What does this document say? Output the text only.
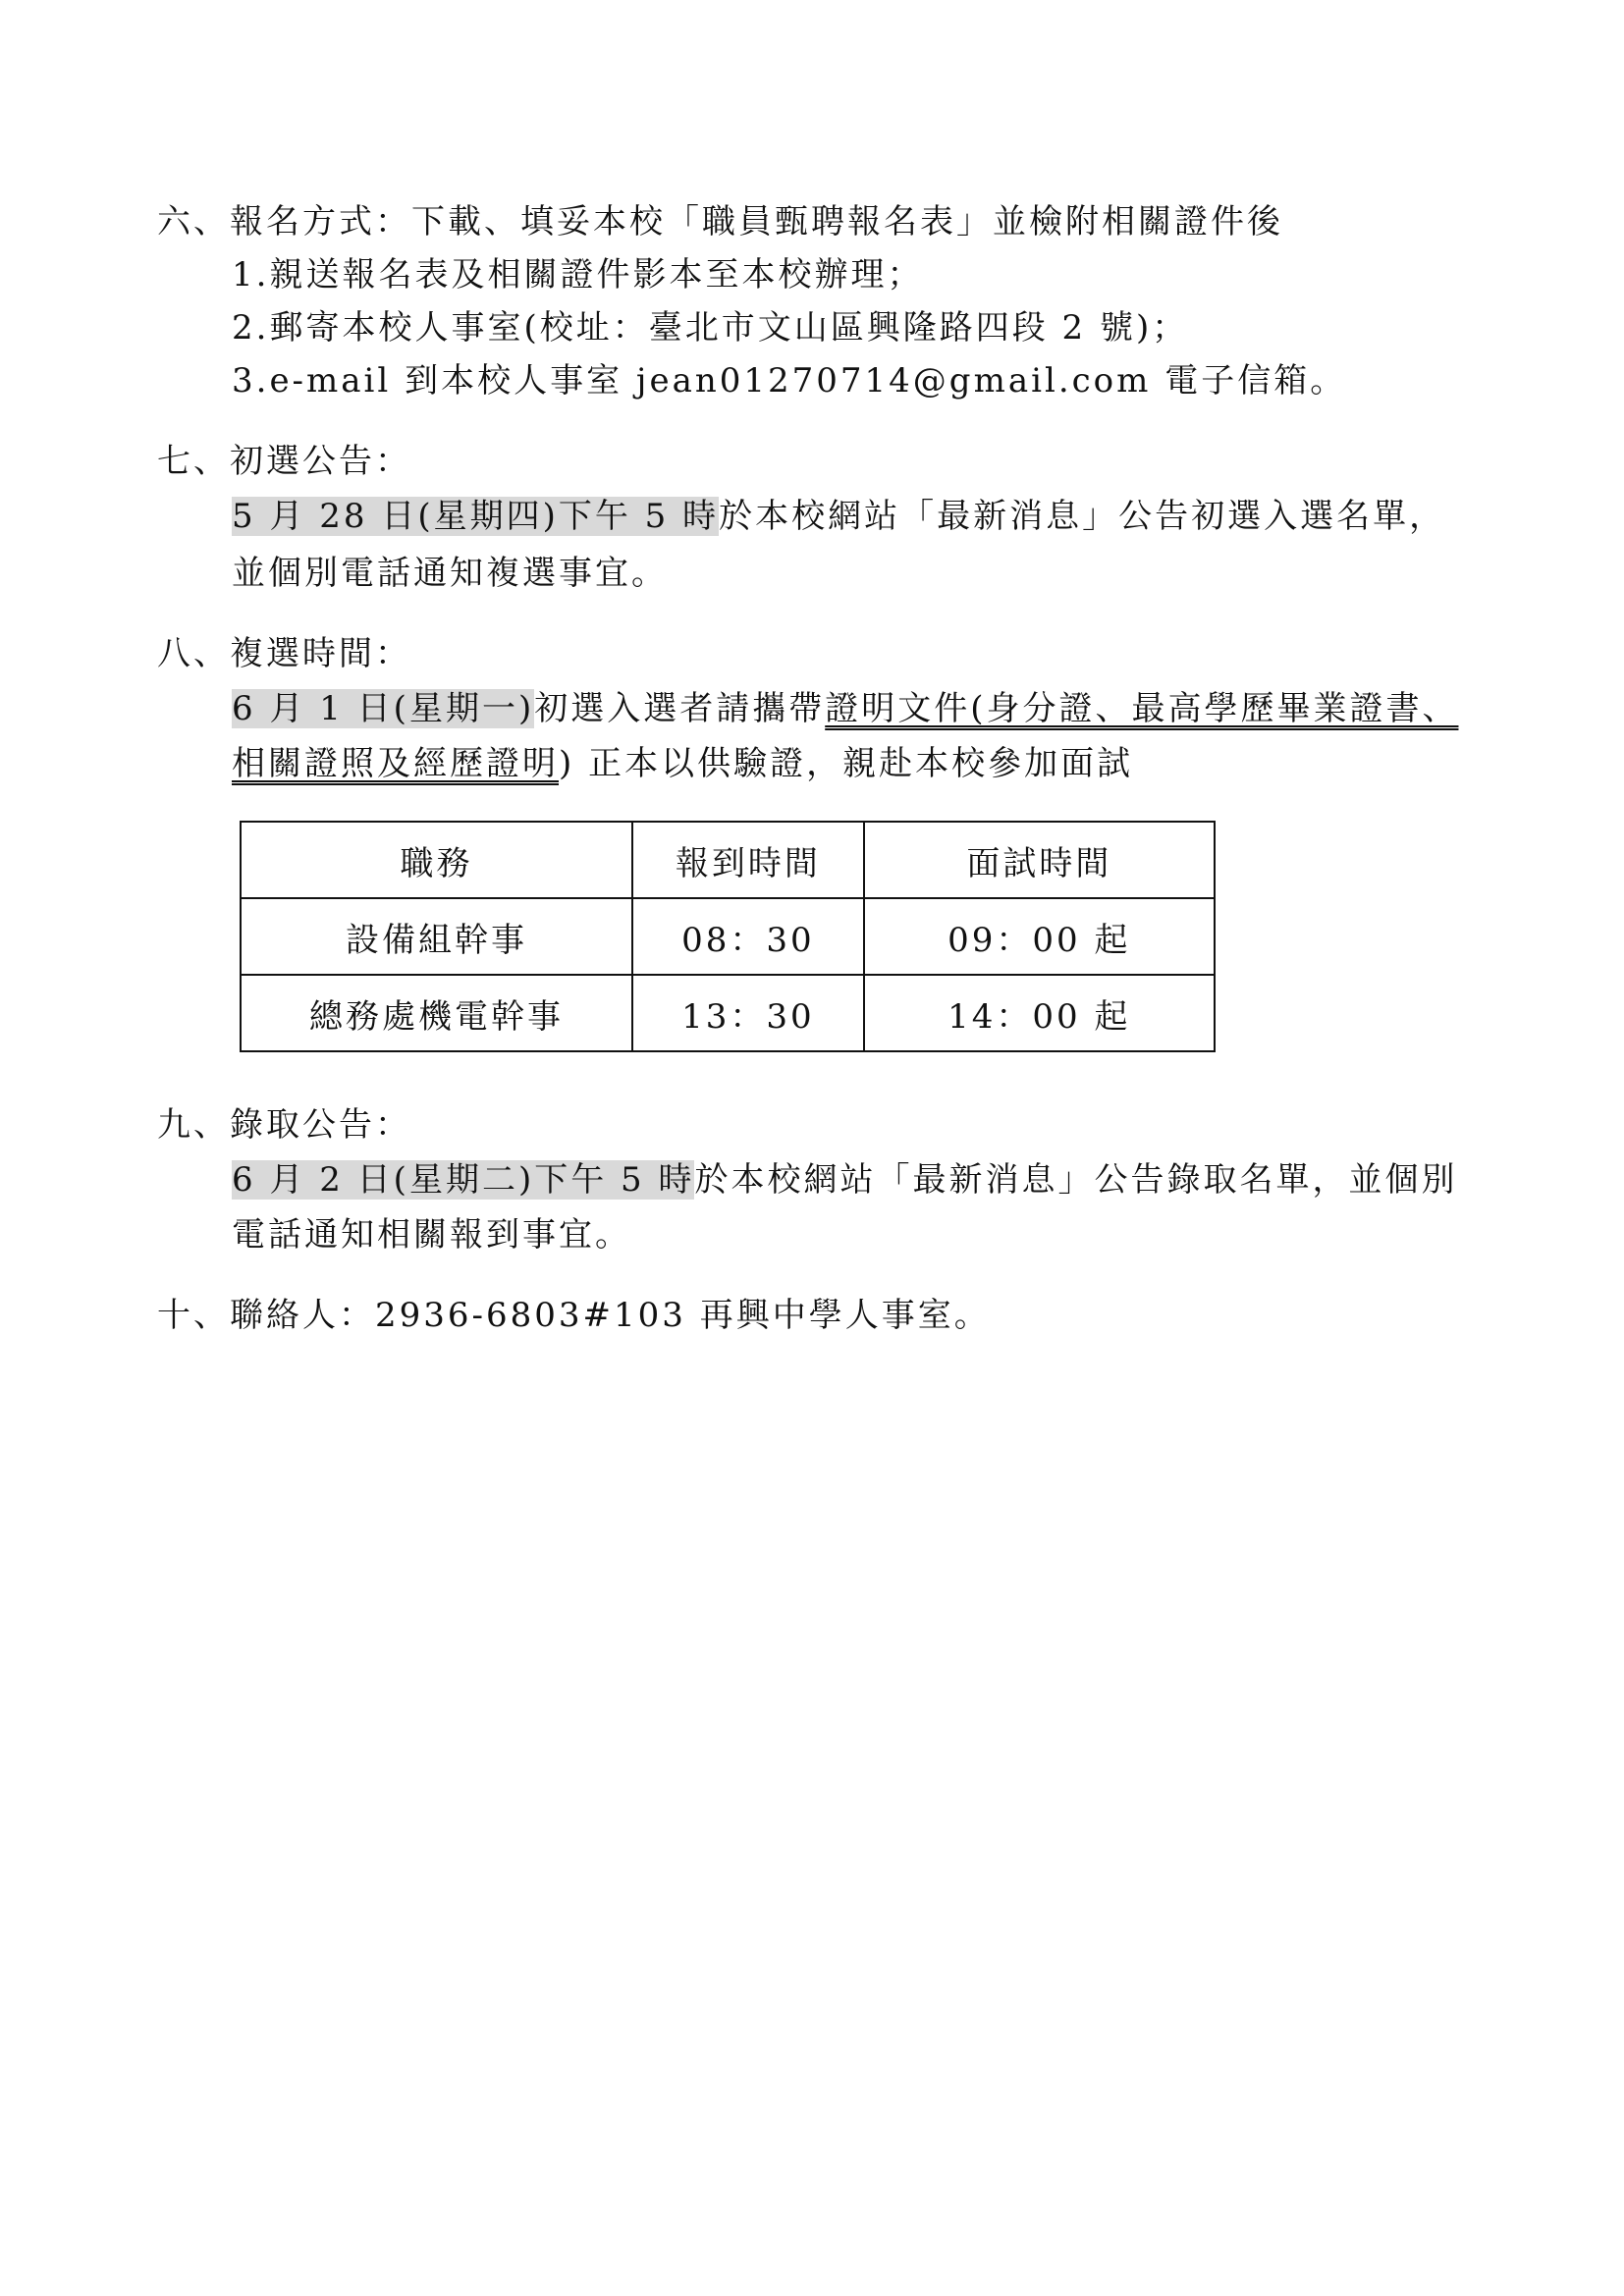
六、報名方式：下載、填妥本校「職員甄聘報名表」並檢附相關證件後
1.親送報名表及相關證件影本至本校辦理；
2.郵寄本校人事室(校址：臺北市文山區興隆路四段 2 號)；
3.e-mail 到本校人事室 jean01270714@gmail.com 電子信箱。
七、初選公告：
5 月 28 日(星期四)下午 5 時於本校網站「最新消息」公告初選入選名單，
並個別電話通知複選事宜。
八、複選時間：
6 月 1 日(星期一)初選入選者請攜帶證明文件(身分證、最高學歷畢業證書、
相關證照及經歷證明) 正本以供驗證，親赴本校參加面試
職務	報到時間	面試時間
設備組幹事	08：30	09：00 起
總務處機電幹事	13：30	14：00 起
九、錄取公告：
6 月 2 日(星期二)下午 5 時於本校網站「最新消息」公告錄取名單，並個別
電話通知相關報到事宜。
十、聯絡人：2936-6803#103 再興中學人事室。
